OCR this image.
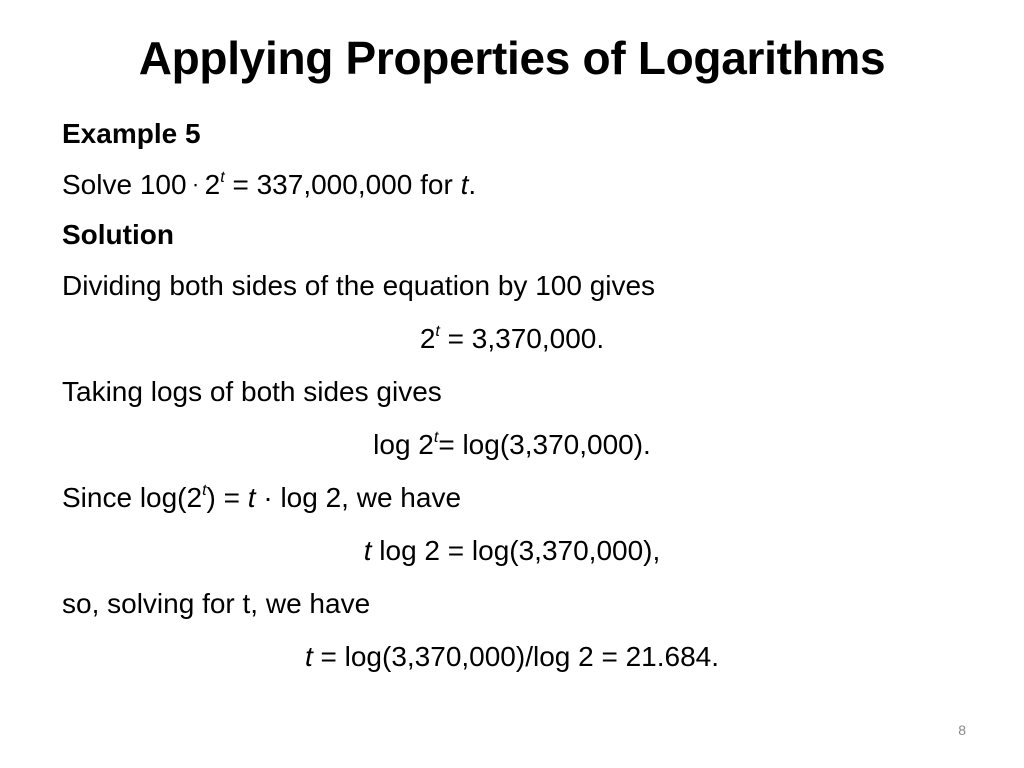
Applying Properties of Logarithms
Example 5
Solve $100 \cdot 2^t = 337,000,000$ for t.
Solution
Dividing both sides of the equation by 100 gives
$2^t = 3,370,000$.
Taking logs of both sides gives
$\log 2^t= \log(3,370,000)$.
Since $\log(2^t) = t \cdot \log 2$, we have
t log 2 = log(3,370,000),
so, solving for t, we have
t = log(3,370,000)/log 2 = 21.684.
8
